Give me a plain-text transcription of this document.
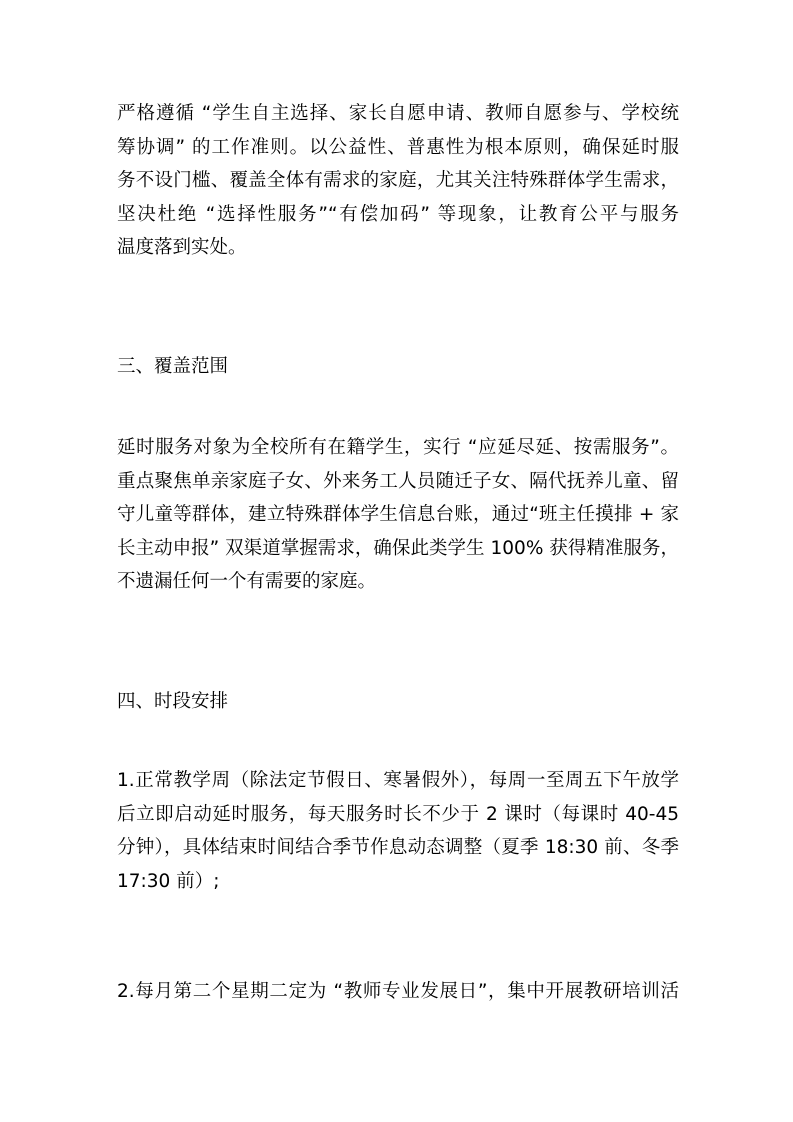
严格遵循 “学生自主选择、家长自愿申请、教师自愿参与、学校统
筹协调” 的工作准则。以公益性、普惠性为根本原则，确保延时服
务不设门槛、覆盖全体有需求的家庭，尤其关注特殊群体学生需求，
坚决杜绝 “选择性服务”“有偿加码” 等现象，让教育公平与服务
温度落到实处。
三、覆盖范围
延时服务对象为全校所有在籍学生，实行 “应延尽延、按需服务”。
重点聚焦单亲家庭子女、外来务工人员随迁子女、隔代抚养儿童、留
守儿童等群体，建立特殊群体学生信息台账，通过“班主任摸排 + 家
长主动申报” 双渠道掌握需求，确保此类学生 100% 获得精准服务，
不遗漏任何一个有需要的家庭。
四、时段安排
1.正常教学周（除法定节假日、寒暑假外），每周一至周五下午放学
后立即启动延时服务，每天服务时长不少于 2 课时（每课时 40-45
分钟），具体结束时间结合季节作息动态调整（夏季 18:30 前、冬季
17:30 前）;
2.每月第二个星期二定为 “教师专业发展日”，集中开展教研培训活
